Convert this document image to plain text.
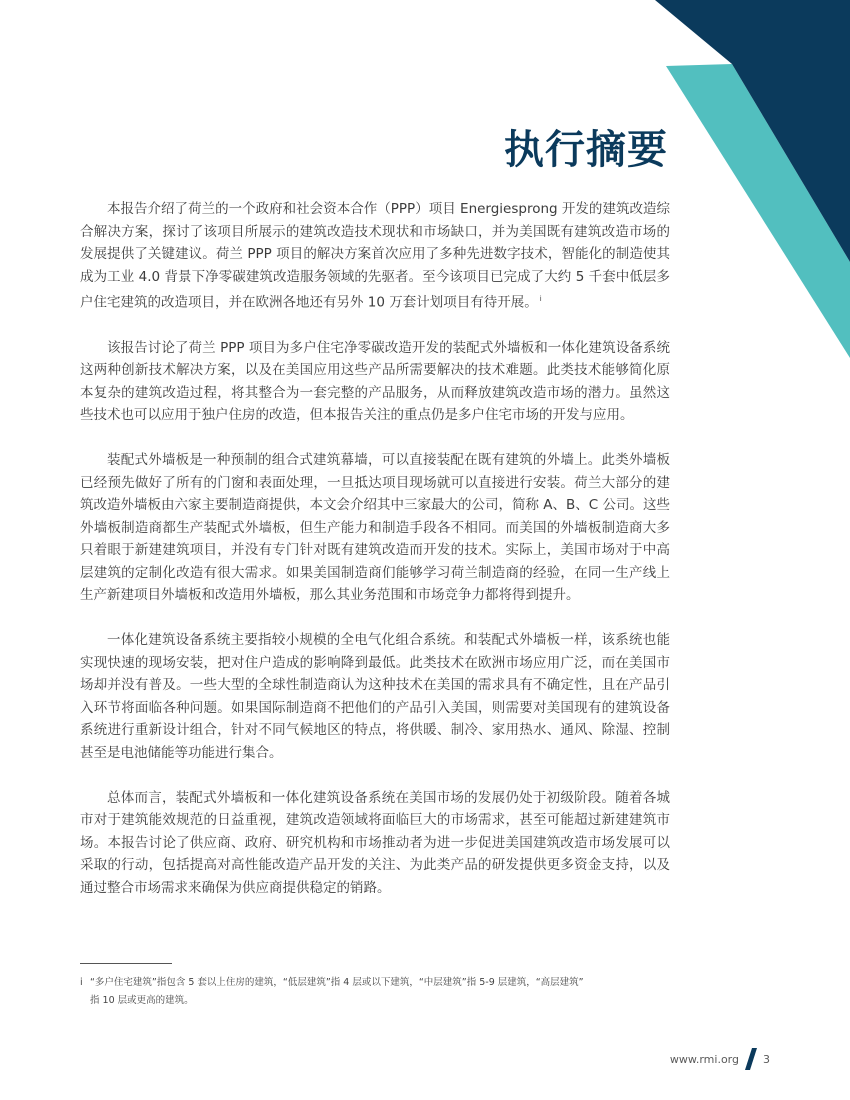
执行摘要

本报告介绍了荷兰的一个政府和社会资本合作（PPP）项目 Energiesprong 开发的建筑改造综合解决方案，探讨了该项目所展示的建筑改造技术现状和市场缺口，并为美国既有建筑改造市场的发展提供了关键建议。荷兰 PPP 项目的解决方案首次应用了多种先进数字技术，智能化的制造使其成为工业 4.0 背景下净零碳建筑改造服务领域的先驱者。至今该项目已完成了大约 5 千套中低层多户住宅建筑的改造项目，并在欧洲各地还有另外 10 万套计划项目有待开展。 $^i$

该报告讨论了荷兰 PPP 项目为多户住宅净零碳改造开发的装配式外墙板和一体化建筑设备系统这两种创新技术解决方案，以及在美国应用这些产品所需要解决的技术难题。此类技术能够简化原本复杂的建筑改造过程，将其整合为一套完整的产品服务，从而释放建筑改造市场的潜力。虽然这些技术也可以应用于独户住房的改造，但本报告关注的重点仍是多户住宅市场的开发与应用。

装配式外墙板是一种预制的组合式建筑幕墙，可以直接装配在既有建筑的外墙上。此类外墙板已经预先做好了所有的门窗和表面处理，一旦抵达项目现场就可以直接进行安装。荷兰大部分的建筑改造外墙板由六家主要制造商提供，本文会介绍其中三家最大的公司，简称 A、B、C 公司。这些外墙板制造商都生产装配式外墙板，但生产能力和制造手段各不相同。而美国的外墙板制造商大多只着眼于新建建筑项目，并没有专门针对既有建筑改造而开发的技术。实际上，美国市场对于中高层建筑的定制化改造有很大需求。如果美国制造商们能够学习荷兰制造商的经验，在同一生产线上生产新建项目外墙板和改造用外墙板，那么其业务范围和市场竞争力都将得到提升。

一体化建筑设备系统主要指较小规模的全电气化组合系统。和装配式外墙板一样，该系统也能实现快速的现场安装，把对住户造成的影响降到最低。此类技术在欧洲市场应用广泛，而在美国市场却并没有普及。一些大型的全球性制造商认为这种技术在美国的需求具有不确定性，且在产品引入环节将面临各种问题。如果国际制造商不把他们的产品引入美国，则需要对美国现有的建筑设备系统进行重新设计组合，针对不同气候地区的特点，将供暖、制冷、家用热水、通风、除湿、控制甚至是电池储能等功能进行集合。

总体而言，装配式外墙板和一体化建筑设备系统在美国市场的发展仍处于初级阶段。随着各城市对于建筑能效规范的日益重视，建筑改造领域将面临巨大的市场需求，甚至可能超过新建建筑市场。本报告讨论了供应商、政府、研究机构和市场推动者为进一步促进美国建筑改造市场发展可以采取的行动，包括提高对高性能改造产品开发的关注、为此类产品的研发提供更多资金支持，以及通过整合市场需求来确保为供应商提供稳定的销路。

i “多户住宅建筑”指包含 5 套以上住房的建筑，“低层建筑”指 4 层或以下建筑，“中层建筑”指 5-9 层建筑，“高层建筑”
指 10 层或更高的建筑。
www.rmi.org 3
